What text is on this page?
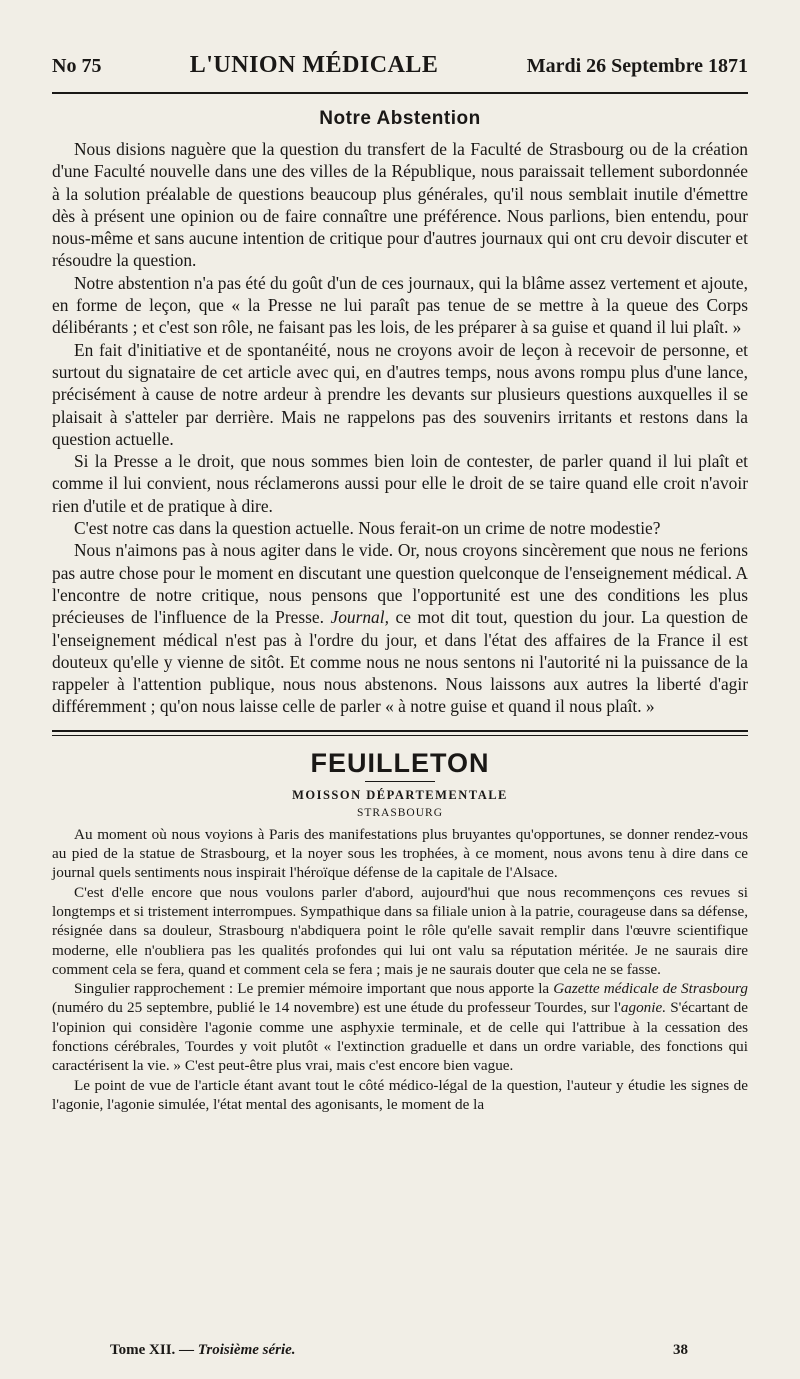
No 75	L'UNION MÉDICALE	Mardi 26 Septembre 1871
Notre Abstention

Nous disions naguère que la question du transfert de la Faculté de Strasbourg ou de la création d'une Faculté nouvelle dans une des villes de la République, nous paraissait tellement subordonnée à la solution préalable de questions beaucoup plus générales, qu'il nous semblait inutile d'émettre dès à présent une opinion ou de faire connaître une préférence. Nous parlions, bien entendu, pour nous-même et sans aucune intention de critique pour d'autres journaux qui ont cru devoir discuter et résoudre la question.

Notre abstention n'a pas été du goût d'un de ces journaux, qui la blâme assez vertement et ajoute, en forme de leçon, que « la Presse ne lui paraît pas tenue de se mettre à la queue des Corps délibérants ; et c'est son rôle, ne faisant pas les lois, de les préparer à sa guise et quand il lui plaît. »

En fait d'initiative et de spontanéité, nous ne croyons avoir de leçon à recevoir de personne, et surtout du signataire de cet article avec qui, en d'autres temps, nous avons rompu plus d'une lance, précisément à cause de notre ardeur à prendre les devants sur plusieurs questions auxquelles il se plaisait à s'atteler par derrière. Mais ne rappelons pas des souvenirs irritants et restons dans la question actuelle.

Si la Presse a le droit, que nous sommes bien loin de contester, de parler quand il lui plaît et comme il lui convient, nous réclamerons aussi pour elle le droit de se taire quand elle croit n'avoir rien d'utile et de pratique à dire.

C'est notre cas dans la question actuelle. Nous ferait-on un crime de notre modestie?

Nous n'aimons pas à nous agiter dans le vide. Or, nous croyons sincèrement que nous ne ferions pas autre chose pour le moment en discutant une question quelconque de l'enseignement médical. A l'encontre de notre critique, nous pensons que l'opportunité est une des conditions les plus précieuses de l'influence de la Presse. Journal, ce mot dit tout, question du jour. La question de l'enseignement médical n'est pas à l'ordre du jour, et dans l'état des affaires de la France il est douteux qu'elle y vienne de sitôt. Et comme nous ne nous sentons ni l'autorité ni la puissance de la rappeler à l'attention publique, nous nous abstenons. Nous laissons aux autres la liberté d'agir différemment ; qu'on nous laisse celle de parler « à notre guise et quand il nous plaît. »

FEUILLETON
MOISSON DÉPARTEMENTALE
STRASBOURG

Au moment où nous voyions à Paris des manifestations plus bruyantes qu'opportunes, se donner rendez-vous au pied de la statue de Strasbourg, et la noyer sous les trophées, à ce moment, nous avons tenu à dire dans ce journal quels sentiments nous inspirait l'héroïque défense de la capitale de l'Alsace.

C'est d'elle encore que nous voulons parler d'abord, aujourd'hui que nous recommençons ces revues si longtemps et si tristement interrompues. Sympathique dans sa filiale union à la patrie, courageuse dans sa défense, résignée dans sa douleur, Strasbourg n'abdiquera point le rôle qu'elle savait remplir dans l'œuvre scientifique moderne, elle n'oubliera pas les qualités profondes qui lui ont valu sa réputation méritée. Je ne saurais dire comment cela se fera, quand et comment cela se fera ; mais je ne saurais douter que cela ne se fasse.

Singulier rapprochement : Le premier mémoire important que nous apporte la Gazette médicale de Strasbourg (numéro du 25 septembre, publié le 14 novembre) est une étude du professeur Tourdes, sur l'agonie. S'écartant de l'opinion qui considère l'agonie comme une asphyxie terminale, et de celle qui l'attribue à la cessation des fonctions cérébrales, Tourdes y voit plutôt « l'extinction graduelle et dans un ordre variable, des fonctions qui caractérisent la vie. » C'est peut-être plus vrai, mais c'est encore bien vague.

Le point de vue de l'article étant avant tout le côté médico-légal de la question, l'auteur y étudie les signes de l'agonie, l'agonie simulée, l'état mental des agonisants, le moment de la

Tome XII. — Troisième série.	38
